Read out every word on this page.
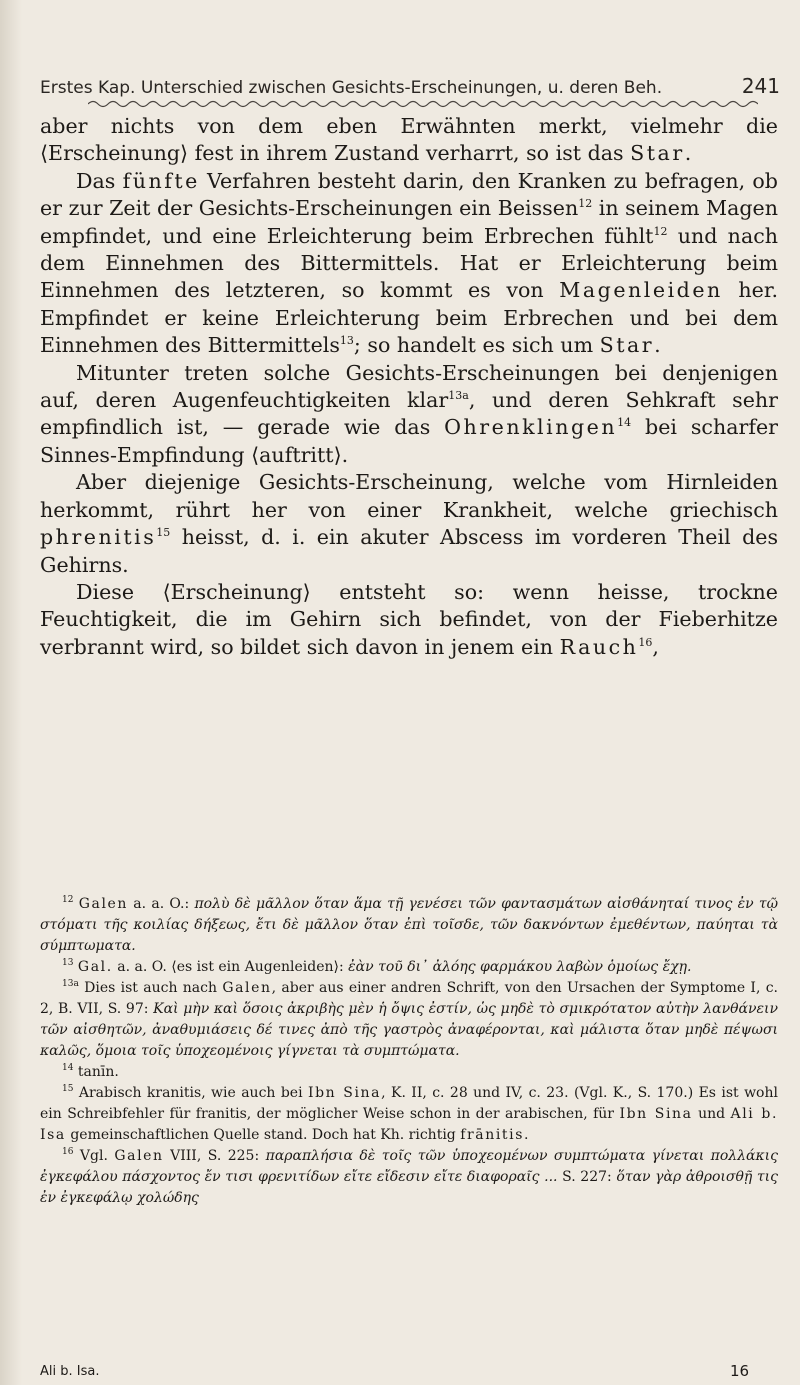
Erstes Kap. Unterschied zwischen Gesichts-Erscheinungen, u. deren Beh.	241

aber nichts von dem eben Erwähnten merkt, vielmehr die ⟨Erscheinung⟩ fest in ihrem Zustand verharrt, so ist das Star.

Das fünfte Verfahren besteht darin, den Kranken zu befragen, ob er zur Zeit der Gesichts-Erscheinungen ein Beissen$^{12}$ in seinem Magen empfindet, und eine Erleichterung beim Erbrechen fühlt$^{12}$ und nach dem Einnehmen des Bittermittels. Hat er Erleichterung beim Einnehmen des letzteren, so kommt es von Magenleiden her. Empfindet er keine Erleichterung beim Erbrechen und bei dem Einnehmen des Bittermittels$^{13}$; so handelt es sich um Star.

Mitunter treten solche Gesichts-Erscheinungen bei denjenigen auf, deren Augenfeuchtigkeiten klar$^{13a}$, und deren Sehkraft sehr empfindlich ist, — gerade wie das Ohrenklingen$^{14}$ bei scharfer Sinnes-Empfindung ⟨auftritt⟩.

Aber diejenige Gesichts-Erscheinung, welche vom Hirnleiden herkommt, rührt her von einer Krankheit, welche griechisch phrenitis$^{15}$ heisst, d. i. ein akuter Abscess im vorderen Theil des Gehirns.

Diese ⟨Erscheinung⟩ entsteht so: wenn heisse, trockne Feuchtigkeit, die im Gehirn sich befindet, von der Fieberhitze verbrannt wird, so bildet sich davon in jenem ein Rauch$^{16}$,

$^{12}$ Galen a. a. O.: πολὺ δὲ μᾶλλον ὅταν ἅμα τῇ γενέσει τῶν φαντασμάτων αἰσθάνηταί τινος ἐν τῷ στόματι τῆς κοιλίας δήξεως, ἔτι δὲ μᾶλλον ὅταν ἐπὶ τοῖσδε, τῶν δακνόντων ἐμεθέντων, παύηται τὰ σύμπτωματα.

$^{13}$ Gal. a. a. O. ⟨es ist ein Augenleiden⟩: ἐὰν τοῦ δι᾽ ἀλόης φαρμάκου λαβὼν ὁμοίως ἔχῃ.

$^{13a}$ Dies ist auch nach Galen, aber aus einer andren Schrift, von den Ursachen der Symptome I, c. 2, B. VII, S. 97: Καὶ μὴν καὶ ὅσοις ἀκριβὴς μὲν ἡ ὄψις ἐστίν, ὡς μηδὲ τὸ σμικρότατον αὐτὴν λανθάνειν τῶν αἰσθητῶν, ἀναθυμιάσεις δέ τινες ἀπὸ τῆς γαστρὸς ἀναφέρονται, καὶ μάλιστα ὅταν μηδὲ πέψωσι καλῶς, ὅμοια τοῖς ὑποχεομένοις γίγνεται τὰ συμπτώματα.

$^{14}$ tanīn.

$^{15}$ Arabisch kranitis, wie auch bei Ibn Sina, K. II, c. 28 und IV, c. 23. (Vgl. K., S. 170.) Es ist wohl ein Schreibfehler für franitis, der möglicher Weise schon in der arabischen, für Ibn Sina und Ali b. Isa gemeinschaftlichen Quelle stand. Doch hat Kh. richtig frānitis.

$^{16}$ Vgl. Galen VIII, S. 225: παραπλήσια δὲ τοῖς τῶν ὑποχεομένων συμπτώματα γίνεται πολλάκις ἐγκεφάλου πάσχοντος ἔν τισι φρενιτίδων εἴτε εἴδεσιν εἴτε διαφοραῖς ... S. 227: ὅταν γὰρ ἀθροισθῇ τις ἐν ἐγκεφάλῳ χολώδης

Ali b. Isa.	16
